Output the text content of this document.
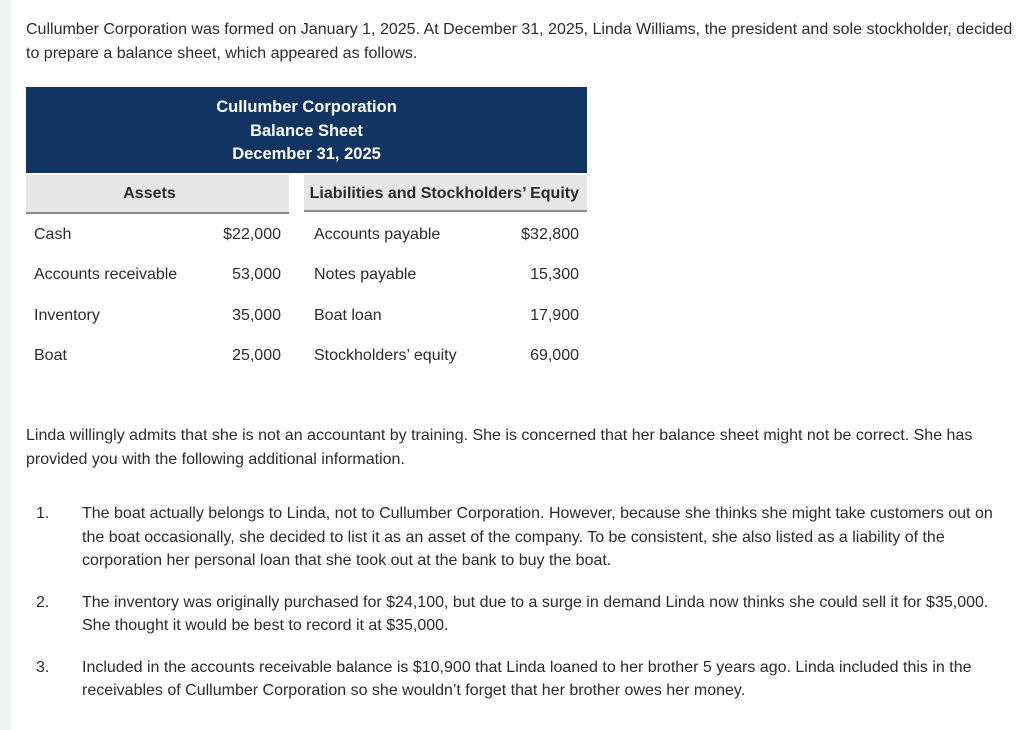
Cullumber Corporation was formed on January 1, 2025. At December 31, 2025, Linda Williams, the president and sole stockholder, decided to prepare a balance sheet, which appeared as follows.

Cullumber Corporation
Balance Sheet
December 31, 2025
Assets	Liabilities and Stockholders’ Equity
Cash	$22,000 Accounts payable	$32,800
Accounts receivable	53,000 Notes payable	15,300
Inventory	35,000 Boat loan	17,900
Boat	25,000 Stockholders’ equity	69,000

Linda willingly admits that she is not an accountant by training. She is concerned that her balance sheet might not be correct. She has provided you with the following additional information.

1. The boat actually belongs to Linda, not to Cullumber Corporation. However, because she thinks she might take customers out on the boat occasionally, she decided to list it as an asset of the company. To be consistent, she also listed as a liability of the corporation her personal loan that she took out at the bank to buy the boat.
2. The inventory was originally purchased for $24,100, but due to a surge in demand Linda now thinks she could sell it for $35,000. She thought it would be best to record it at $35,000.
3. Included in the accounts receivable balance is $10,900 that Linda loaned to her brother 5 years ago. Linda included this in the receivables of Cullumber Corporation so she wouldn’t forget that her brother owes her money.
